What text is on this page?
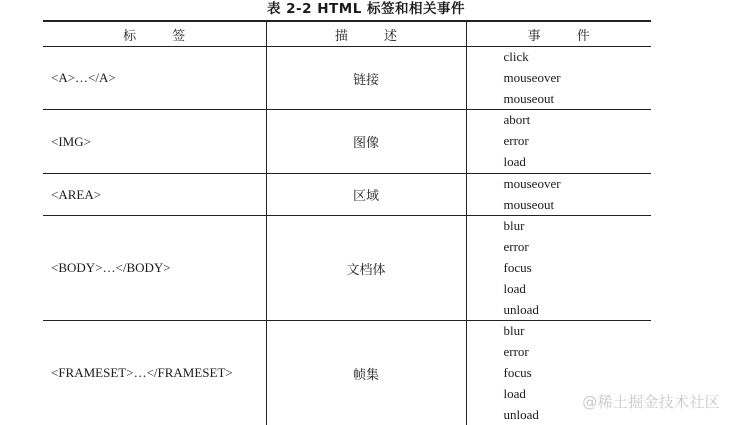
表 2-2 HTML 标签和相关事件
标 签	描 述	事 件
<A>…</A>	链接	click
mouseover
mouseout

<IMG>	图像	abort
error
load

<AREA>	区域	mouseover
mouseout

<BODY>…</BODY>	文档体	blur
error
focus
load
unload

<FRAMESET>…</FRAMESET>	帧集	blur
error
focus
load
unload
@稀土掘金技术社区
